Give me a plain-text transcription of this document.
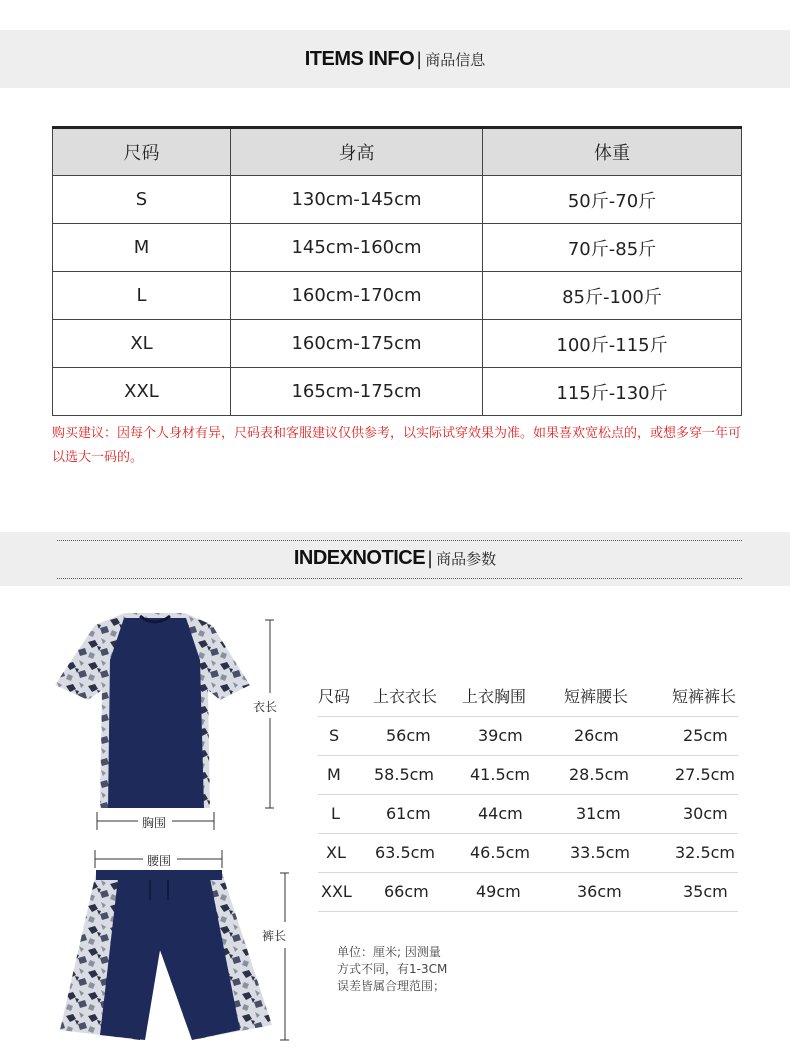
ITEMS INFO | 商品信息
尺码	身高	体重
S	130cm-145cm	50斤-70斤
M	145cm-160cm	70斤-85斤
L	160cm-170cm	85斤-100斤
XL	160cm-175cm	100斤-115斤
XXL	165cm-175cm	115斤-130斤
购买建议：因每个人身材有异，尺码表和客服建议仅供参考，以实际试穿效果为准。如果喜欢宽松点的，或想多穿一年可以选大一码的。
INDEXNOTICE | 商品参数
衣长
胸围
腰围
裤长
尺码 上衣衣长 上衣胸围 短裤腰长	短裤裤长
S	56cm	39cm	26cm	25cm
M 58.5cm 41.5cm 28.5cm	27.5cm
L	61cm	44cm	31cm	30cm
XL 63.5cm 46.5cm 33.5cm	32.5cm
XXL 66cm	49cm	36cm	35cm
单位：厘米; 因测量
方式不同，有1-3CM
误差皆属合理范围；
